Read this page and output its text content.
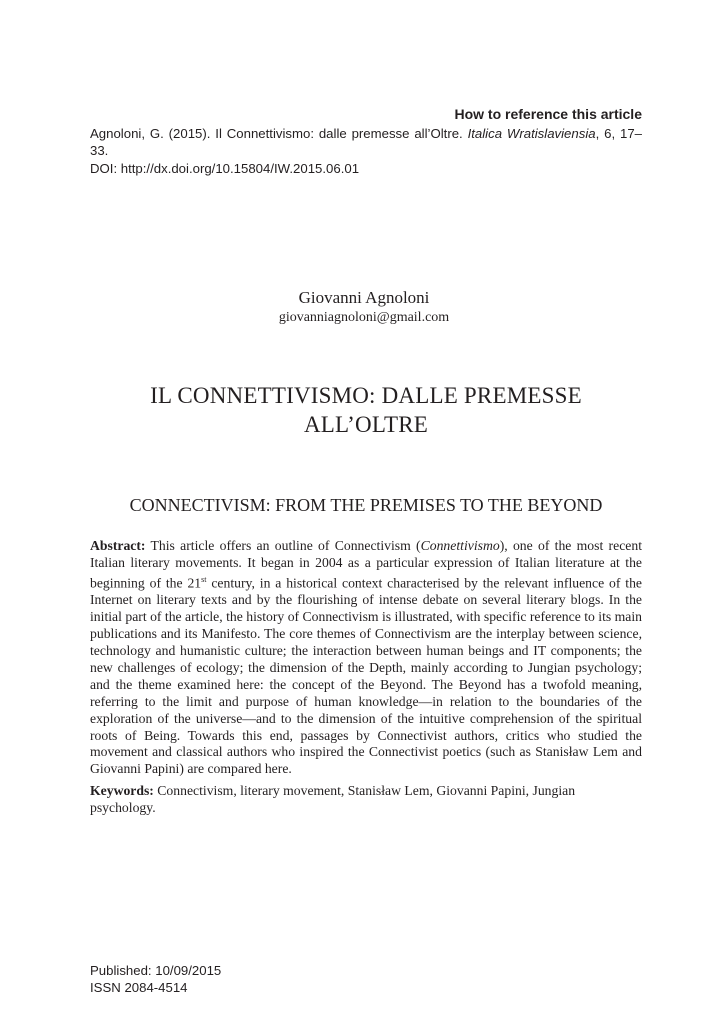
How to reference this article
Agnoloni, G. (2015). Il Connettivismo: dalle premesse all’Oltre. Italica Wratislaviensia, 6, 17–33.
DOI: http://dx.doi.org/10.15804/IW.2015.06.01
Giovanni Agnoloni
giovanniagnoloni@gmail.com
IL CONNETTIVISMO: DALLE PREMESSE
ALL’OLTRE
CONNECTIVISM: FROM THE PREMISES TO THE BEYOND

Abstract: This article offers an outline of Connectivism (Connettivismo), one of the most recent Italian literary movements. It began in 2004 as a particular expression of Italian literature at the beginning of the 21st century, in a historical context characterised by the relevant influence of the Internet on literary texts and by the flourishing of intense debate on several literary blogs. In the initial part of the article, the history of Connectivism is illustrated, with specific reference to its main publications and its Manifesto. The core themes of Connectivism are the interplay between science, technology and humanistic culture; the interaction between human beings and IT components; the new challenges of ecology; the dimension of the Depth, mainly according to Jungian psychology; and the theme examined here: the concept of the Beyond. The Beyond has a twofold meaning, referring to the limit and purpose of human knowledge—in relation to the boundaries of the exploration of the universe—and to the dimension of the intuitive comprehension of the spiritual roots of Being. Towards this end, passages by Connectivist authors, critics who studied the movement and classical authors who inspired the Connectivist poetics (such as Stanisław Lem and Giovanni Papini) are compared here.

Keywords: Connectivism, literary movement, Stanisław Lem, Giovanni Papini, Jungian psychology.

Published: 10/09/2015
ISSN 2084-4514
